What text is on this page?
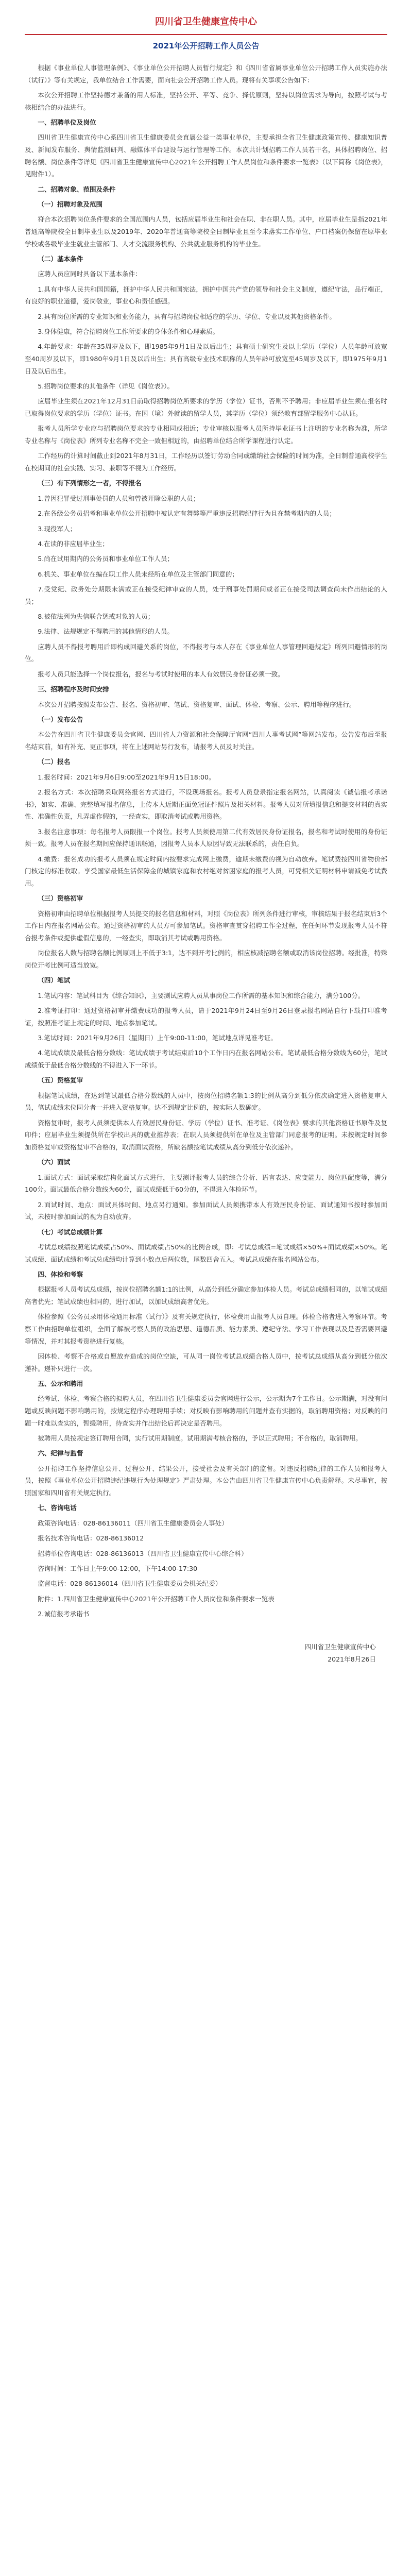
四川省卫生健康宣传中心
2021年公开招聘工作人员公告

根据《事业单位人事管理条例》、《事业单位公开招聘人员暂行规定》和《四川省省属事业单位公开招聘工作人员实施办法（试行）》等有关规定，我单位结合工作需要，面向社会公开招聘工作人员。现将有关事项公告如下：

本次公开招聘工作坚持德才兼备的用人标准，坚持公开、平等、竞争、择优原则，坚持以岗位需求为导向，按照考试与考核相结合的办法进行。

一、招聘单位及岗位

四川省卫生健康宣传中心系四川省卫生健康委员会直属公益一类事业单位，主要承担全省卫生健康政策宣传、健康知识普及、新闻发布服务、舆情监测研判、融媒体平台建设与运行管理等工作。本次共计划招聘工作人员若干名，具体招聘岗位、招聘名额、岗位条件等详见《四川省卫生健康宣传中心2021年公开招聘工作人员岗位和条件要求一览表》（以下简称《岗位表》，见附件1）。

二、招聘对象、范围及条件

（一）招聘对象及范围

符合本次招聘岗位条件要求的全国范围内人员，包括应届毕业生和社会在职、非在职人员。其中，应届毕业生是指2021年普通高等院校全日制毕业生以及2019年、2020年普通高等院校全日制毕业且至今未落实工作单位、户口档案仍保留在原毕业学校或各级毕业生就业主管部门、人才交流服务机构、公共就业服务机构的毕业生。

（二）基本条件

应聘人员应同时具备以下基本条件：

1.具有中华人民共和国国籍，拥护中华人民共和国宪法，拥护中国共产党的领导和社会主义制度，遵纪守法，品行端正，有良好的职业道德，爱岗敬业，事业心和责任感强。

2.具有岗位所需的专业知识和业务能力，具有与招聘岗位相适应的学历、学位、专业以及其他资格条件。

3.身体健康，符合招聘岗位工作所要求的身体条件和心理素质。

4.年龄要求：年龄在35周岁及以下，即1985年9月1日及以后出生；具有硕士研究生及以上学历（学位）人员年龄可放宽至40周岁及以下，即1980年9月1日及以后出生；具有高级专业技术职称的人员年龄可放宽至45周岁及以下，即1975年9月1日及以后出生。

5.招聘岗位要求的其他条件（详见《岗位表》）。

应届毕业生须在2021年12月31日前取得招聘岗位所要求的学历（学位）证书，否则不予聘用；非应届毕业生须在报名时已取得岗位要求的学历（学位）证书。在国（境）外就读的留学人员，其学历（学位）须经教育部留学服务中心认证。

报考人员所学专业应与招聘岗位要求的专业相同或相近；专业审核以报考人员所持毕业证书上注明的专业名称为准，所学专业名称与《岗位表》所列专业名称不完全一致但相近的，由招聘单位结合所学课程进行认定。

工作经历的计算时间截止到2021年8月31日，工作经历以签订劳动合同或缴纳社会保险的时间为准，全日制普通高校学生在校期间的社会实践、实习、兼职等不视为工作经历。

（三）有下列情形之一者，不得报名

1.曾因犯罪受过刑事处罚的人员和曾被开除公职的人员；

2.在各级公务员招考和事业单位公开招聘中被认定有舞弊等严重违反招聘纪律行为且在禁考期内的人员；

3.现役军人；

4.在读的非应届毕业生；

5.尚在试用期内的公务员和事业单位工作人员；

6.机关、事业单位在编在职工作人员未经所在单位及主管部门同意的；

7.受党纪、政务处分期限未满或正在接受纪律审查的人员，处于刑事处罚期间或者正在接受司法调查尚未作出结论的人员；

8.被依法列为失信联合惩戒对象的人员；

9.法律、法规规定不得聘用的其他情形的人员。

应聘人员不得报考聘用后即构成回避关系的岗位，不得报考与本人存在《事业单位人事管理回避规定》所列回避情形的岗位。

报考人员只能选择一个岗位报名，报名与考试时使用的本人有效居民身份证必须一致。

三、招聘程序及时间安排

本次公开招聘按照发布公告、报名、资格初审、笔试、资格复审、面试、体检、考察、公示、聘用等程序进行。

（一）发布公告

本公告在四川省卫生健康委员会官网、四川省人力资源和社会保障厅官网“四川人事考试网”等网站发布。公告发布后至报名结束前，如有补充、更正事项，将在上述网站另行发布，请报考人员及时关注。

（二）报名

1.报名时间：2021年9月6日9:00至2021年9月15日18:00。

2.报名方式：本次招聘采取网络报名方式进行，不设现场报名。报考人员登录指定报名网站，认真阅读《诚信报考承诺书》，如实、准确、完整填写报名信息，上传本人近期正面免冠证件照片及相关材料。报考人员对所填报信息和提交材料的真实性、准确性负责，凡弄虚作假的，一经查实，即取消考试或聘用资格。

3.报名注意事项：每名报考人员限报一个岗位。报考人员须使用第二代有效居民身份证报名，报名和考试时使用的身份证须一致。报考人员在报名期间应保持通讯畅通，因报考人员本人原因导致无法联系的，责任自负。

4.缴费：报名成功的报考人员须在规定时间内按要求完成网上缴费，逾期未缴费的视为自动放弃。笔试费按四川省物价部门核定的标准收取。享受国家最低生活保障金的城镇家庭和农村绝对贫困家庭的报考人员，可凭相关证明材料申请减免考试费用。

（三）资格初审

资格初审由招聘单位根据报考人员提交的报名信息和材料，对照《岗位表》所列条件进行审核，审核结果于报名结束后3个工作日内在报名网站公布。通过资格初审的人员方可参加笔试。资格审查贯穿招聘工作全过程，在任何环节发现报考人员不符合报考条件或提供虚假信息的，一经查实，即取消其考试或聘用资格。

岗位报名人数与招聘名额比例原则上不低于3:1，达不到开考比例的，相应核减招聘名额或取消该岗位招聘。经批准，特殊岗位开考比例可适当放宽。

（四）笔试

1.笔试内容：笔试科目为《综合知识》，主要测试应聘人员从事岗位工作所需的基本知识和综合能力，满分100分。

2.准考证打印：通过资格初审并缴费成功的报考人员，请于2021年9月24日至9月26日登录报名网站自行下载打印准考证，按照准考证上规定的时间、地点参加笔试。

3.笔试时间：2021年9月26日（星期日）上午9:00-11:00，笔试地点详见准考证。

4.笔试成绩及最低合格分数线：笔试成绩于考试结束后10个工作日内在报名网站公布。笔试最低合格分数线为60分，笔试成绩低于最低合格分数线的不得进入下一环节。

（五）资格复审

根据笔试成绩，在达到笔试最低合格分数线的人员中，按岗位招聘名额1:3的比例从高分到低分依次确定进入资格复审人员，笔试成绩末位同分者一并进入资格复审。达不到规定比例的，按实际人数确定。

资格复审时，报考人员须提供本人有效居民身份证、学历（学位）证书、准考证、《岗位表》要求的其他资格证书原件及复印件；应届毕业生须提供所在学校出具的就业推荐表；在职人员须提供所在单位及主管部门同意报考的证明。未按规定时间参加资格复审或资格复审不合格的，取消面试资格，所缺名额按笔试成绩从高分到低分依次递补。

（六）面试

1.面试方式：面试采取结构化面试方式进行，主要测评报考人员的综合分析、语言表达、应变能力、岗位匹配度等，满分100分。面试最低合格分数线为60分，面试成绩低于60分的，不得进入体检环节。

2.面试时间、地点：面试具体时间、地点另行通知。参加面试人员须携带本人有效居民身份证、面试通知书按时参加面试，未按时参加面试的视为自动放弃。

（七）考试总成绩计算

考试总成绩按照笔试成绩占50%、面试成绩占50%的比例合成，即：考试总成绩=笔试成绩×50%+面试成绩×50%。笔试成绩、面试成绩和考试总成绩均计算到小数点后两位数，尾数四舍五入。考试总成绩在报名网站公布。

四、体检和考察

根据报考人员考试总成绩，按岗位招聘名额1:1的比例，从高分到低分确定参加体检人员。考试总成绩相同的，以笔试成绩高者优先；笔试成绩也相同的，进行加试，以加试成绩高者优先。

体检参照《公务员录用体检通用标准（试行）》及有关规定执行，体检费用由报考人员自理。体检合格者进入考察环节。考察工作由招聘单位组织，全面了解被考察人员的政治思想、道德品质、能力素质、遵纪守法、学习工作表现以及是否需要回避等情况，并对其报考资格进行复核。

因体检、考察不合格或自愿放弃造成的岗位空缺，可从同一岗位考试总成绩合格人员中，按考试总成绩从高分到低分依次递补。递补只进行一次。

五、公示和聘用

经考试、体检、考察合格的拟聘人员，在四川省卫生健康委员会官网进行公示，公示期为7个工作日。公示期满，对没有问题或反映问题不影响聘用的，按规定程序办理聘用手续；对反映有影响聘用的问题并查有实据的，取消聘用资格；对反映的问题一时难以查实的，暂缓聘用，待查实并作出结论后再决定是否聘用。

被聘用人员按规定签订聘用合同，实行试用期制度。试用期满考核合格的，予以正式聘用；不合格的，取消聘用。

六、纪律与监督

公开招聘工作坚持信息公开、过程公开、结果公开，接受社会及有关部门的监督。对违反招聘纪律的工作人员和报考人员，按照《事业单位公开招聘违纪违规行为处理规定》严肃处理。本公告由四川省卫生健康宣传中心负责解释。未尽事宜，按照国家和四川省有关规定执行。

七、咨询电话

政策咨询电话：028-86136011（四川省卫生健康委员会人事处）

报名技术咨询电话：028-86136012

招聘单位咨询电话：028-86136013（四川省卫生健康宣传中心综合科）

咨询时间：工作日上午9:00-12:00，下午14:00-17:30

监督电话：028-86136014（四川省卫生健康委员会机关纪委）

附件：1.四川省卫生健康宣传中心2021年公开招聘工作人员岗位和条件要求一览表

2.诚信报考承诺书

四川省卫生健康宣传中心

2021年8月26日
